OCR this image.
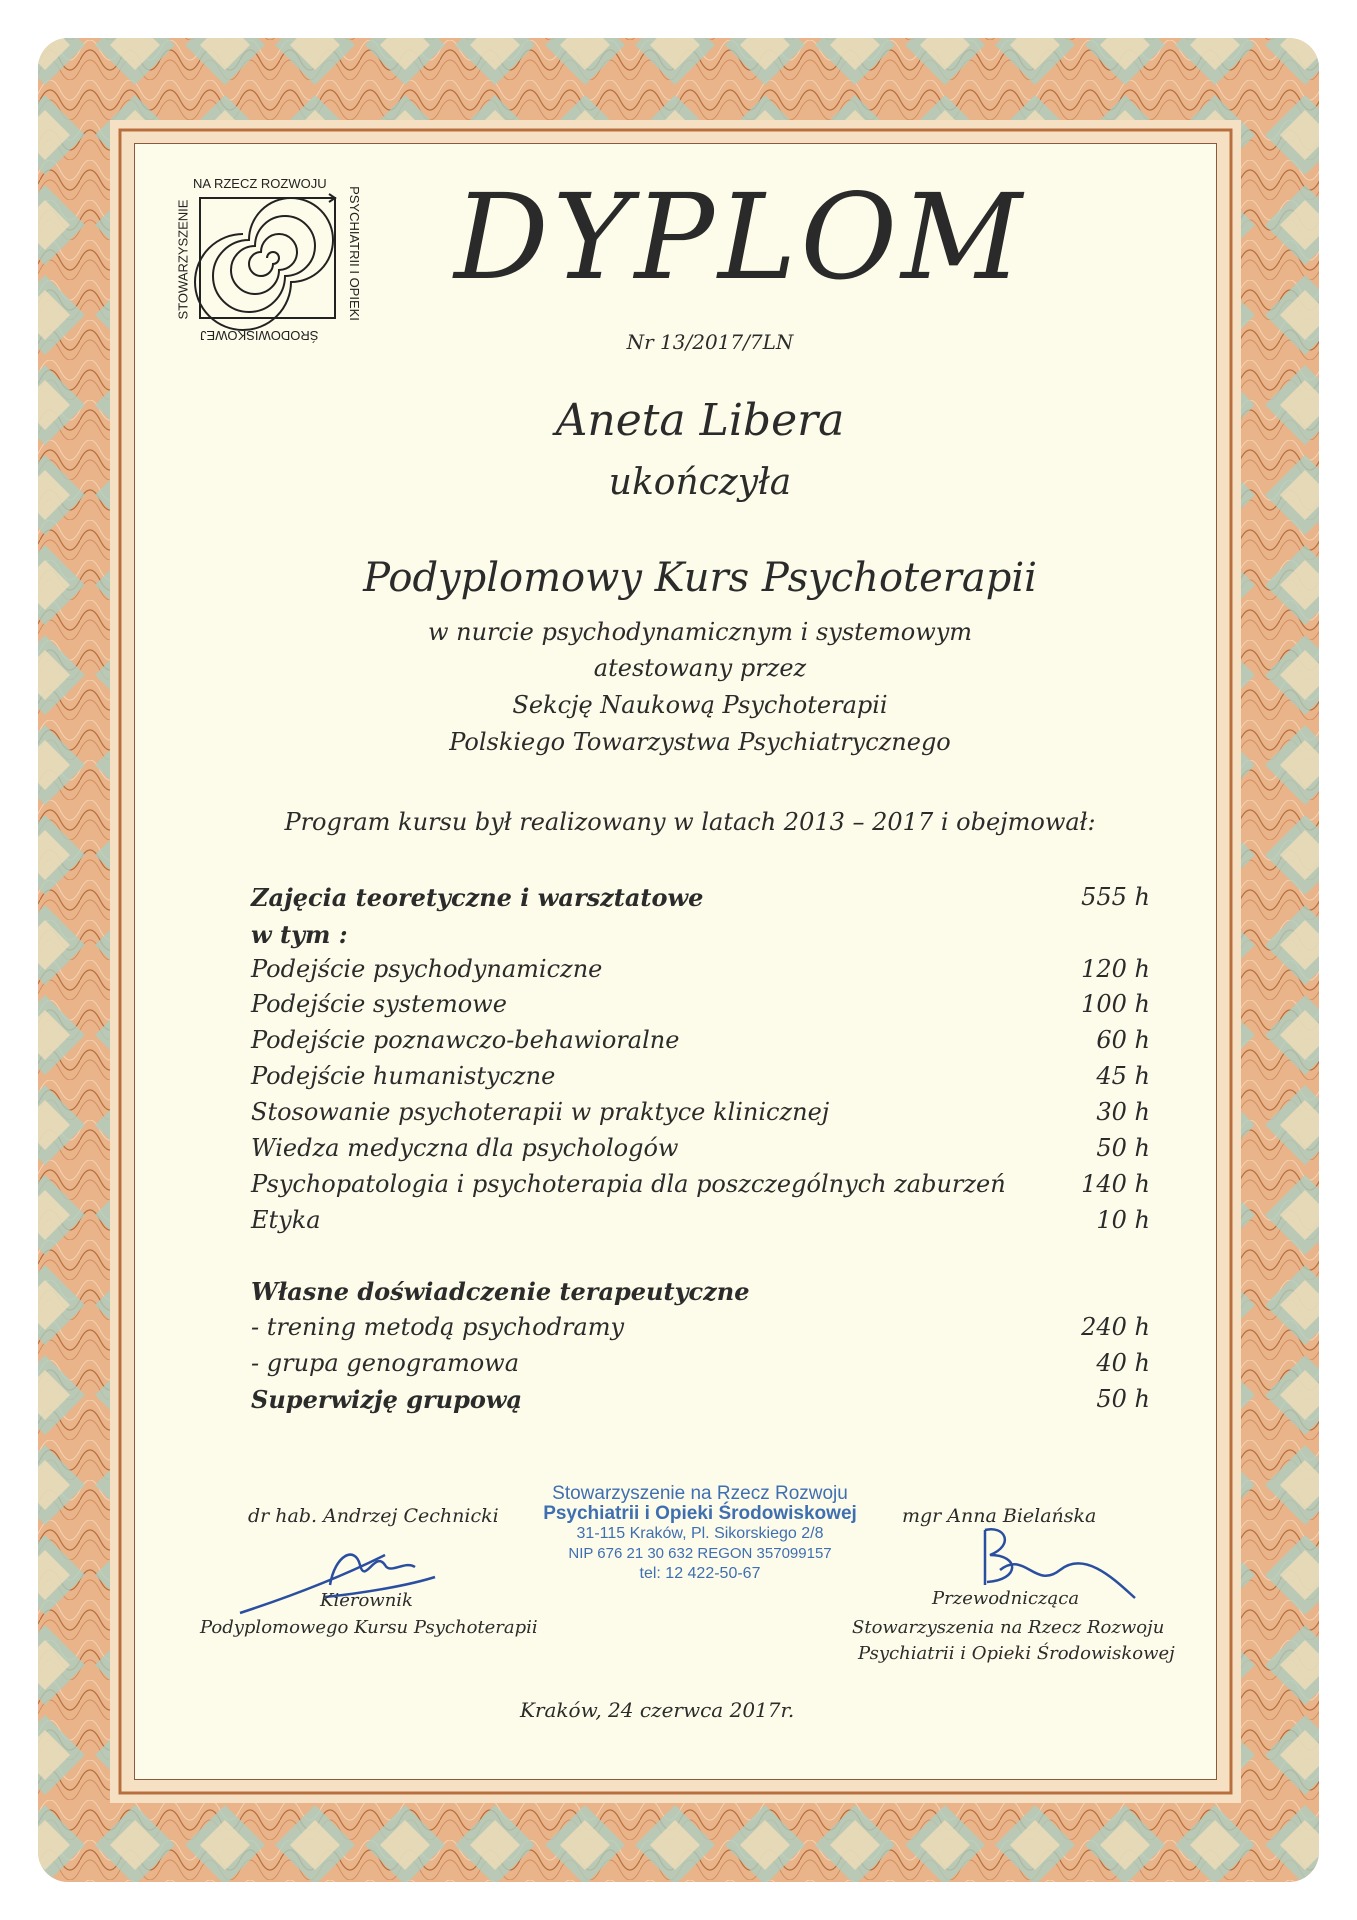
NA RZECZ ROZWOJU
STOWARZYSZENIE	PSYCHIATRII I OPIEKI
ŚRODOWISKOWEJ
DYPLOM
Nr 13/2017/7LN
Aneta Libera
ukończyła
Podyplomowy Kurs Psychoterapii
w nurcie psychodynamicznym i systemowym
atestowany przez
Sekcję Naukową Psychoterapii
Polskiego Towarzystwa Psychiatrycznego
Program kursu był realizowany w latach 2013 – 2017 i obejmował:
Zajęcia teoretyczne i warsztatowe	555 h
w tym :
Podejście psychodynamiczne	120 h
Podejście systemowe	100 h
Podejście poznawczo-behawioralne	60 h
Podejście humanistyczne	45 h
Stosowanie psychoterapii w praktyce klinicznej	30 h
Wiedza medyczna dla psychologów	50 h
Psychopatologia i psychoterapia dla poszczególnych zaburzeń	140 h
Etyka	10 h
Własne doświadczenie terapeutyczne
- trening metodą psychodramy	240 h
- grupa genogramowa	40 h
Superwizję grupową	50 h
dr hab. Andrzej Cechnicki
Kierownik
Podyplomowego Kursu Psychoterapii
Stowarzyszenie na Rzecz Rozwoju
Psychiatrii i Opieki Środowiskowej
31-115 Kraków, Pl. Sikorskiego 2/8
NIP 676 21 30 632 REGON 357099157
tel: 12 422-50-67
mgr Anna Bielańska
Przewodnicząca
Stowarzyszenia na Rzecz Rozwoju
Psychiatrii i Opieki Środowiskowej
Kraków, 24 czerwca 2017r.
